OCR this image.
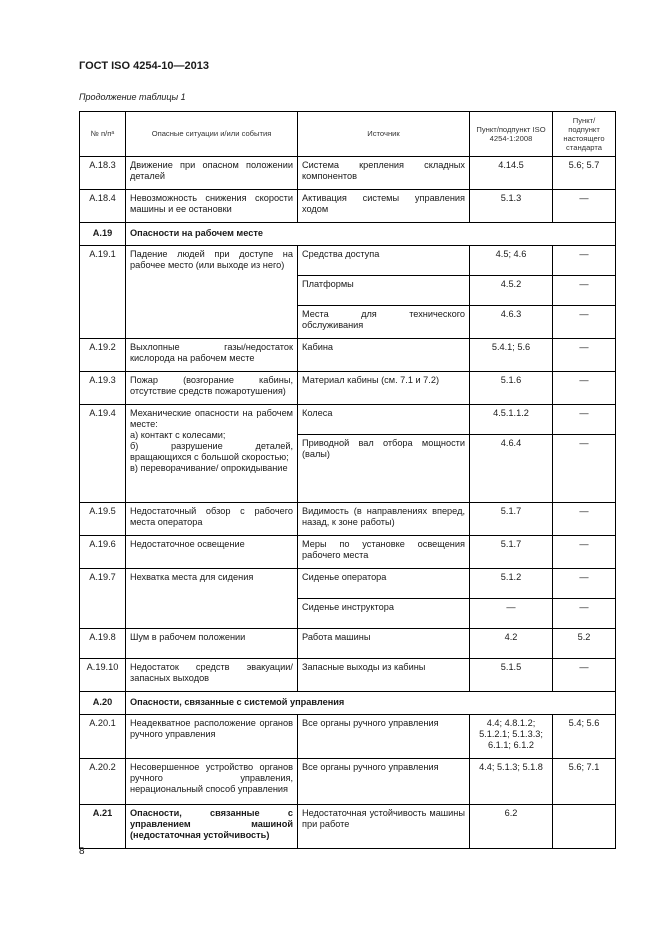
ГОСТ ISO 4254-10—2013
Продолжение таблицы 1
№ п/пᵃ	Опасные ситуации и/или события	Источник	Пункт/подпункт ISO 4254-1:2008	Пункт/ подпункт настоящего стандарта
A.18.3	Движение при опасном положении деталей	Система крепления складных компонентов	4.14.5	5.6; 5.7
A.18.4	Невозможность снижения скорости машины и ее остановки	Активация системы управления ходом	5.1.3	—
A.19	Опасности на рабочем месте			
A.19.1	Падение людей при доступе на рабочее место (или выходе из него)	Средства доступа	4.5; 4.6	—
		Платформы	4.5.2	—
		Места для технического обслуживания	4.6.3	—
A.19.2	Выхлопные газы/недостаток кислорода на рабочем месте	Кабина	5.4.1; 5.6	—
A.19.3	Пожар (возгорание кабины, отсутствие средств пожаротушения)	Материал кабины (см. 7.1 и 7.2)	5.1.6	—
A.19.4	Механические опасности на рабочем месте:
а) контакт с колесами;
б) разрушение деталей, вращающихся с большой скоростью;
в) переворачивание/ опрокидывание	Колеса	4.5.1.1.2	—
		Приводной вал отбора мощности (валы)	4.6.4	—
A.19.5	Недостаточный обзор с рабочего места оператора	Видимость (в направлениях вперед, назад, к зоне работы)	5.1.7	—
A.19.6	Недостаточное освещение	Меры по установке освещения рабочего места	5.1.7	—
A.19.7	Нехватка места для сидения	Сиденье оператора	5.1.2	—
		Сиденье инструктора	—	—
A.19.8	Шум в рабочем положении	Работа машины	4.2	5.2
A.19.10	Недостаток средств эвакуации/ запасных выходов	Запасные выходы из кабины	5.1.5	—
A.20	Опасности, связанные с системой управления			
A.20.1	Неадекватное расположение органов ручного управления	Все органы ручного управления	4.4; 4.8.1.2; 5.1.2.1; 5.1.3.3; 6.1.1; 6.1.2	5.4; 5.6
A.20.2	Несовершенное устройство органов ручного управления, нерациональный способ управления	Все органы ручного управления	4.4; 5.1.3; 5.1.8	5.6; 7.1
A.21	Опасности, связанные с управлением машиной (недостаточная устойчивость)	Недостаточная устойчивость машины при работе	6.2	
8
